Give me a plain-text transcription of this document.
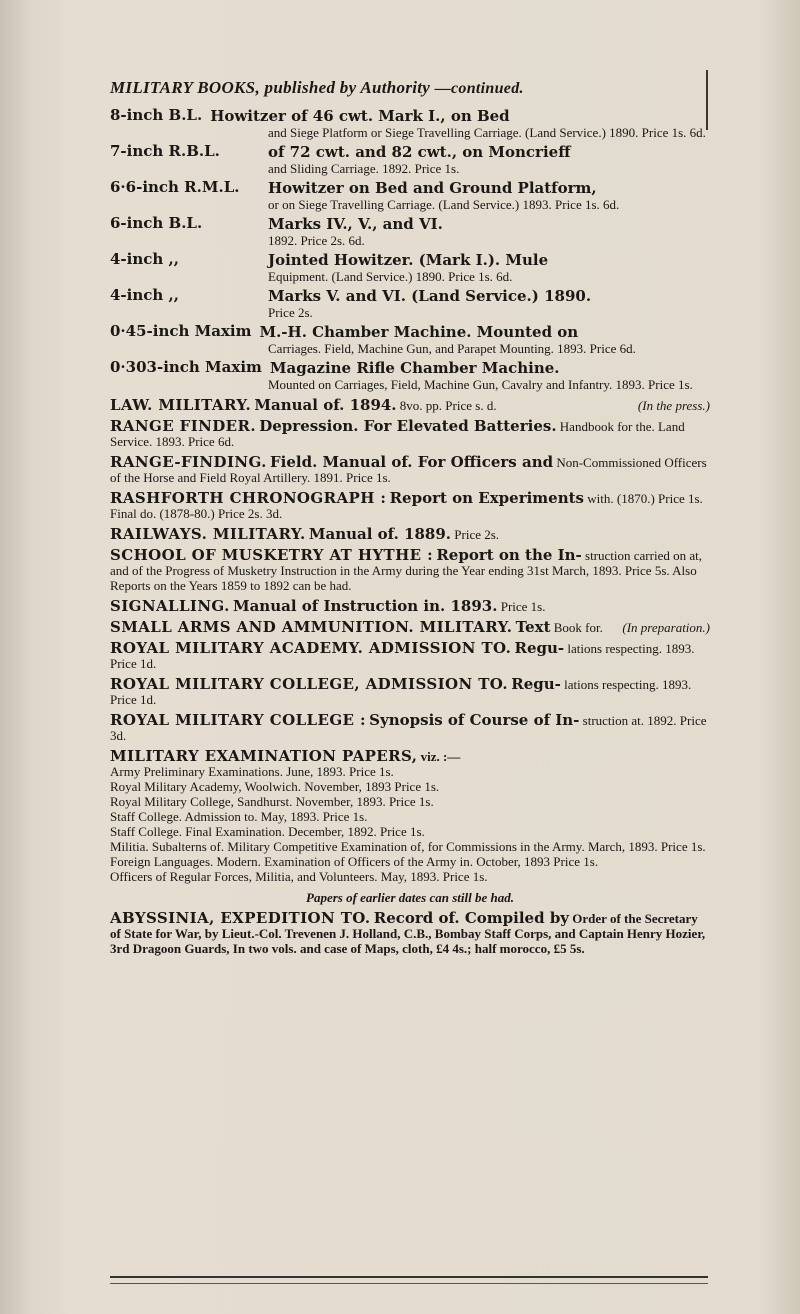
MILITARY BOOKS, published by Authority —continued.
8-inch B.L. Howitzer of 46 cwt. Mark I., on Bed
and Siege Platform or Siege Travelling Carriage. (Land Service.) 1890. Price 1s. 6d.
7-inch R.B.L.	of 72 cwt. and 82 cwt., on Moncrieff
and Sliding Carriage. 1892. Price 1s.
6·6-inch R.M.L.	Howitzer on Bed and Ground Platform,
or on Siege Travelling Carriage. (Land Service.) 1893. Price 1s. 6d.
6-inch B.L.	Marks IV., V., and VI.
1892. Price 2s. 6d.
4-inch ,,	Jointed Howitzer. (Mark I.). Mule
Equipment. (Land Service.) 1890. Price 1s. 6d.
4-inch ,,	Marks V. and VI. (Land Service.) 1890.
Price 2s.
0·45-inch Maxim M.-H. Chamber Machine. Mounted on
Carriages. Field, Machine Gun, and Parapet Mounting. 1893. Price 6d.
0·303-inch Maxim Magazine Rifle Chamber Machine.
Mounted on Carriages, Field, Machine Gun, Cavalry and Infantry. 1893. Price 1s.
LAW. MILITARY. Manual of. 1894. 8vo. pp. Price s. d.	(In the press.)
RANGE FINDER. Depression. For Elevated Batteries. Handbook for the. Land Service. 1893. Price 6d.
RANGE-FINDING. Field. Manual of. For Officers and Non-Commissioned Officers of the Horse and Field Royal Artillery. 1891. Price 1s.
RASHFORTH CHRONOGRAPH : Report on Experiments with. (1870.) Price 1s. Final do. (1878-80.) Price 2s. 3d.
RAILWAYS. MILITARY. Manual of. 1889. Price 2s.
SCHOOL OF MUSKETRY AT HYTHE : Report on the In- struction carried on at, and of the Progress of Musketry Instruction in the Army during the Year ending 31st March, 1893. Price 5s. Also Reports on the Years 1859 to 1892 can be had.
SIGNALLING. Manual of Instruction in. 1893. Price 1s.
SMALL ARMS AND AMMUNITION. MILITARY. Text Book for. (In preparation.)
ROYAL MILITARY ACADEMY. ADMISSION TO. Regu- lations respecting. 1893. Price 1d.
ROYAL MILITARY COLLEGE, ADMISSION TO. Regu- lations respecting. 1893. Price 1d.
ROYAL MILITARY COLLEGE : Synopsis of Course of In- struction at. 1892. Price 3d.
MILITARY EXAMINATION PAPERS, viz. :—
Army Preliminary Examinations. June, 1893. Price 1s.
Royal Military Academy, Woolwich. November, 1893 Price 1s.
Royal Military College, Sandhurst. November, 1893. Price 1s.
Staff College. Admission to. May, 1893. Price 1s.
Staff College. Final Examination. December, 1892. Price 1s.
Militia. Subalterns of. Military Competitive Examination of, for Commissions in the Army. March, 1893. Price 1s.
Foreign Languages. Modern. Examination of Officers of the Army in. October, 1893 Price 1s.
Officers of Regular Forces, Militia, and Volunteers. May, 1893. Price 1s.
Papers of earlier dates can still be had.
ABYSSINIA, EXPEDITION TO. Record of. Compiled by Order of the Secretary of State for War, by Lieut.-Col. Trevenen J. Holland, C.B., Bombay Staff Corps, and Captain Henry Hozier, 3rd Dragoon Guards, In two vols. and case of Maps, cloth, £4 4s.; half morocco, £5 5s.
